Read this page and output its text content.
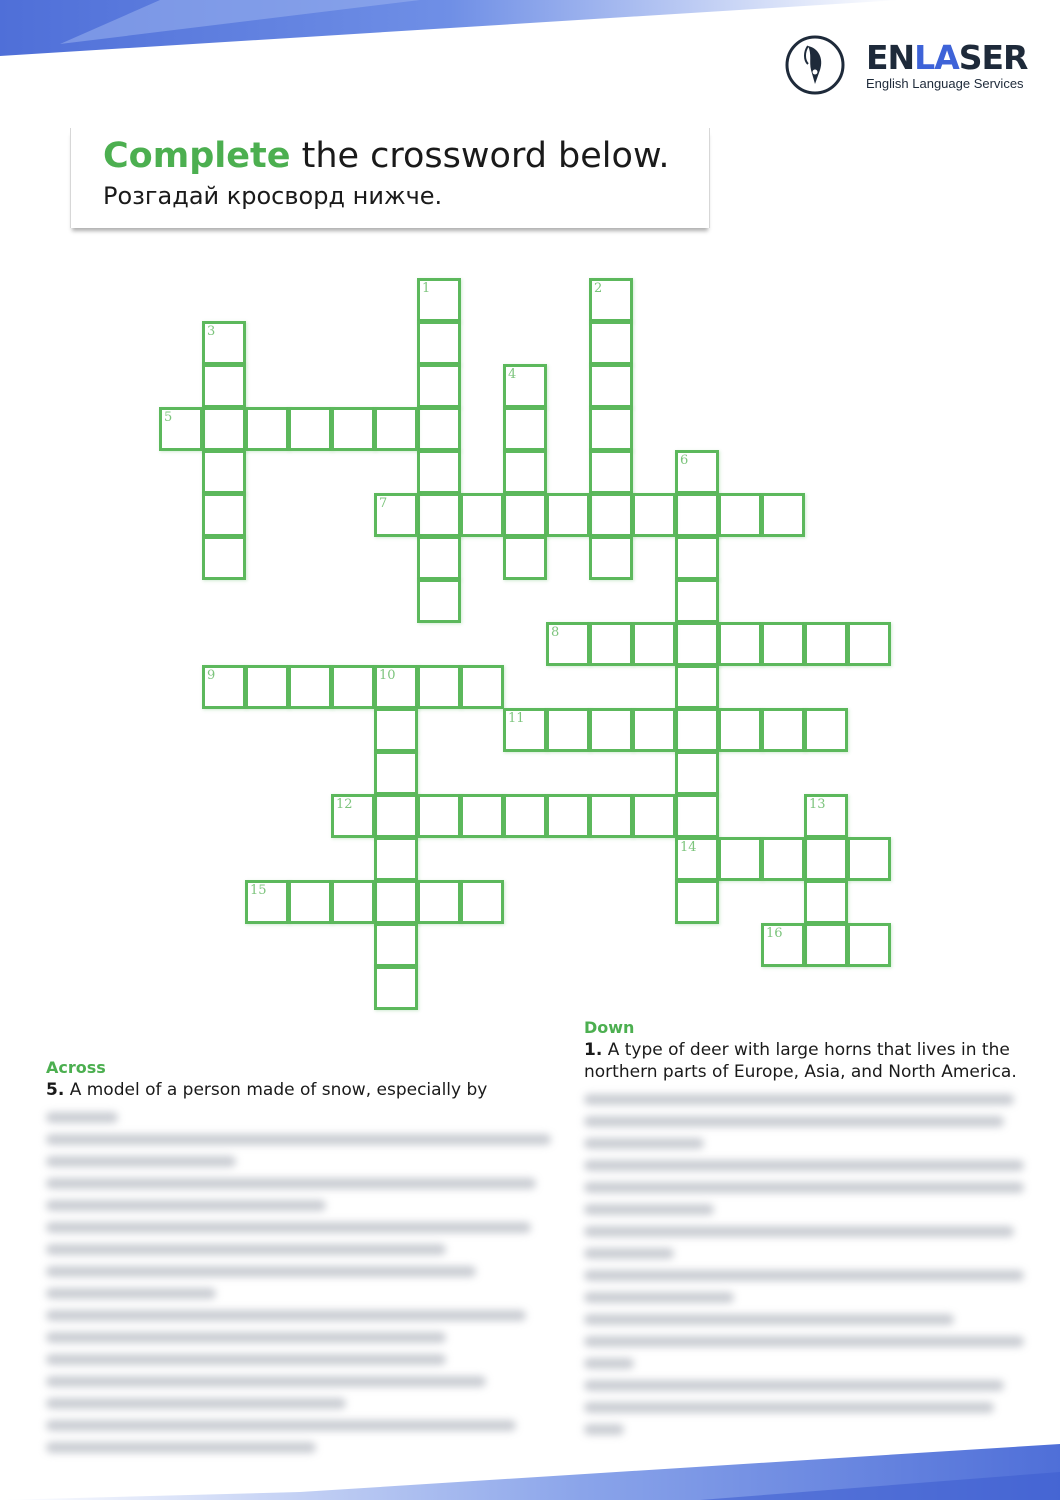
ENLASER
English Language Services
Complete the crossword below.
Розгадай кросворд нижче.
1	2
3
4
5
6
14
7
8
9	10
11
12	13
15
16
Across
5. A model of a person made of snow, especially by
Down
1. A type of deer with large horns that lives in the northern parts of Europe, Asia, and North America.
